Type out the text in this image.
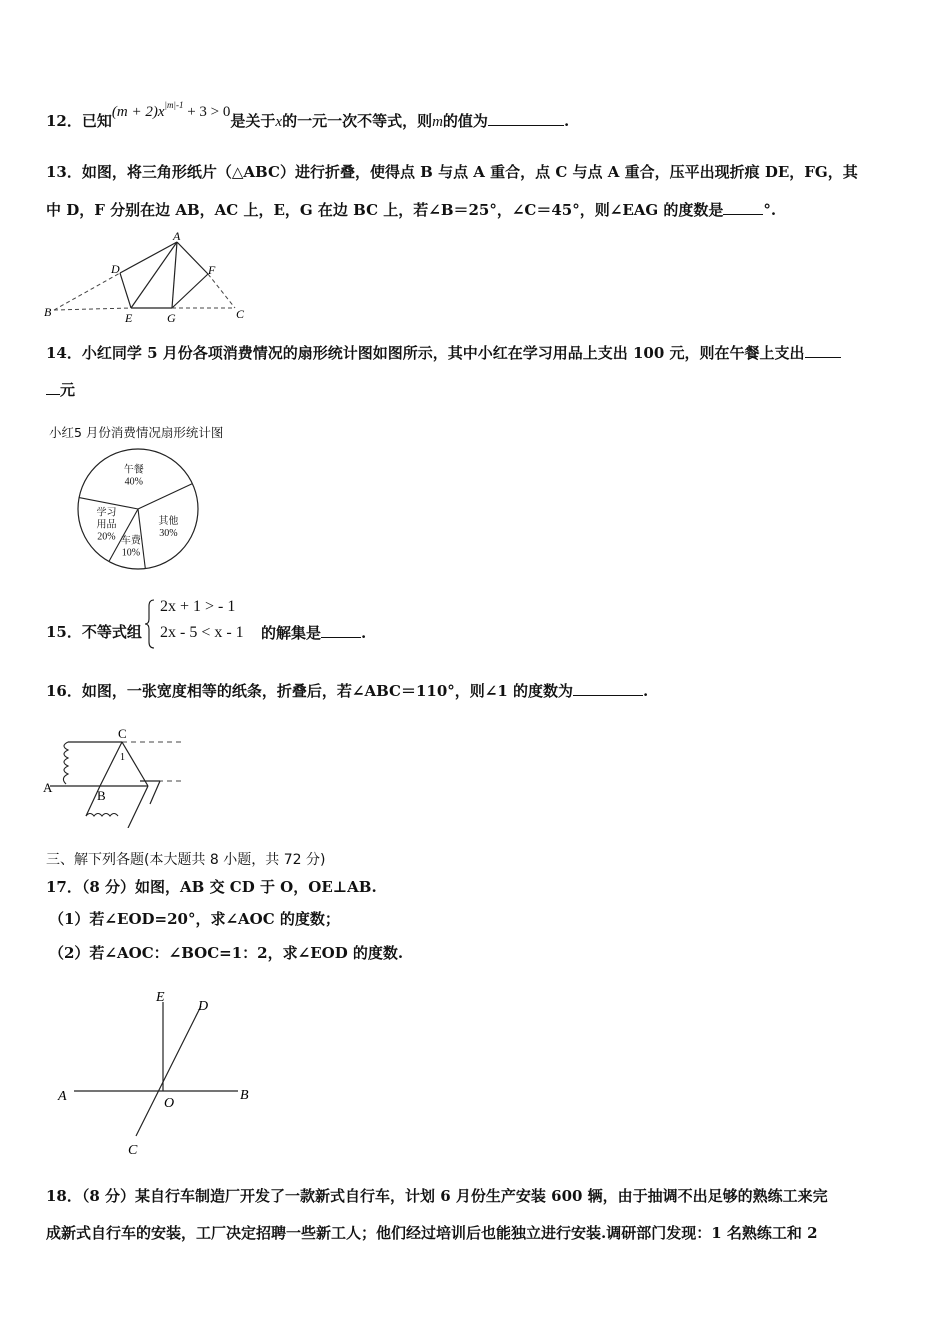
12．已知$(m + 2)x^{|m|-1} + 3 > 0$是关于x的一元一次不等式，则m的值为	.
13．如图，将三角形纸片（△ABC）进行折叠，使得点 B 与点 A 重合，点 C 与点 A 重合，压平出现折痕 DE，FG，其
中 D，F 分别在边 AB，AC 上，E，G 在边 BC 上，若∠B＝25°，∠C＝45°，则∠EAG 的度数是	°.
A
D	F
B	E	G	C
14．小红同学 5 月份各项消费情况的扇形统计图如图所示，其中小红在学习用品上支出 100 元，则在午餐上支出
元
小红5 月份消费情况扇形统计图
午餐
40%
其他
30%
车费
10%
学习
用品
20%
15．不等式组
2x + 1 > - 1
2x - 5 < x - 1 的解集是	.
16．如图，一张宽度相等的纸条，折叠后，若∠ABC＝110°，则∠1 的度数为	.
C
1
A
B
三、解下列各题(本大题共 8 小题，共 72 分)
17．（8 分）如图，AB 交 CD 于 O，OE⊥AB.
（1）若∠EOD=20°，求∠AOC 的度数；
（2）若∠AOC：∠BOC=1：2，求∠EOD 的度数.
E
D
A	O
B
C
18．（8 分）某自行车制造厂开发了一款新式自行车，计划 6 月份生产安装 600 辆，由于抽调不出足够的熟练工来完
成新式自行车的安装，工厂决定招聘一些新工人；他们经过培训后也能独立进行安装.调研部门发现：1 名熟练工和 2
